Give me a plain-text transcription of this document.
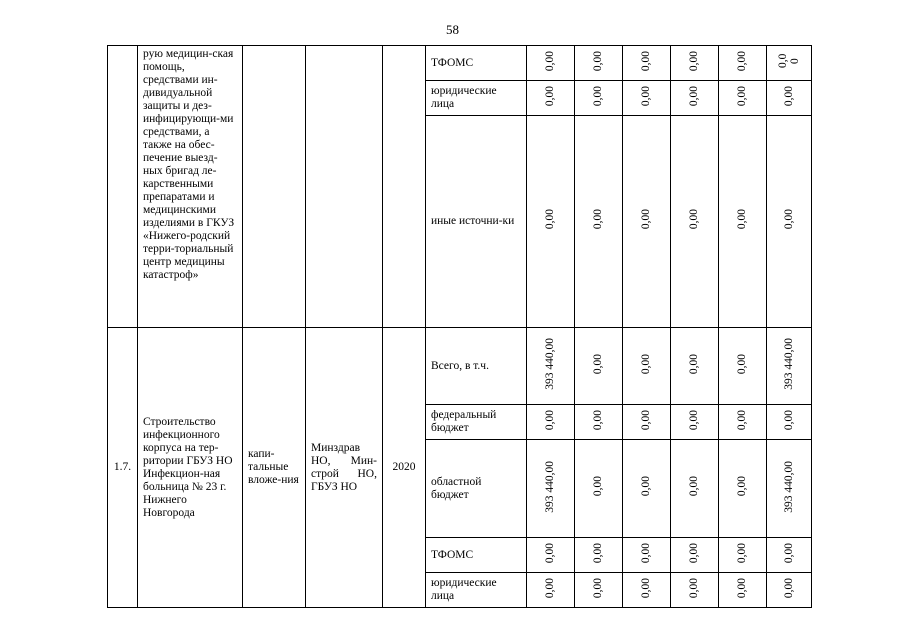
58

	рую медицин-ская помощь, средствами ин-дивидуальной защиты и дез-инфицирующи-ми средствами, а также на обес-печение выезд-ных бригад ле-карственными препаратами и медицинскими изделиями в ГКУЗ «Нижего-родский терри-ториальный центр медицины катастроф»				ТФОМС	0,00	0,00	0,00	0,00	0,00	0,0
0

					юридические лица	0,00	0,00	0,00	0,00	0,00	0,00

					иные источни-ки	0,00	0,00	0,00	0,00	0,00	0,00

1.7.	Строительство инфекционного корпуса на тер-ритории ГБУЗ НО Инфекцион-ная больница № 23 г. Нижнего Новгорода	капи-тальные вложе-ния	Минздрав НО, Мин-строй НО, ГБУЗ НО	2020	Всего, в т.ч.	393 440,00	0,00	0,00	0,00	0,00	393 440,00

					федеральный бюджет	0,00	0,00	0,00	0,00	0,00	0,00

					областной бюджет	393 440,00	0,00	0,00	0,00	0,00	393 440,00

					ТФОМС	0,00	0,00	0,00	0,00	0,00	0,00

					юридические лица	0,00	0,00	0,00	0,00	0,00	0,00
